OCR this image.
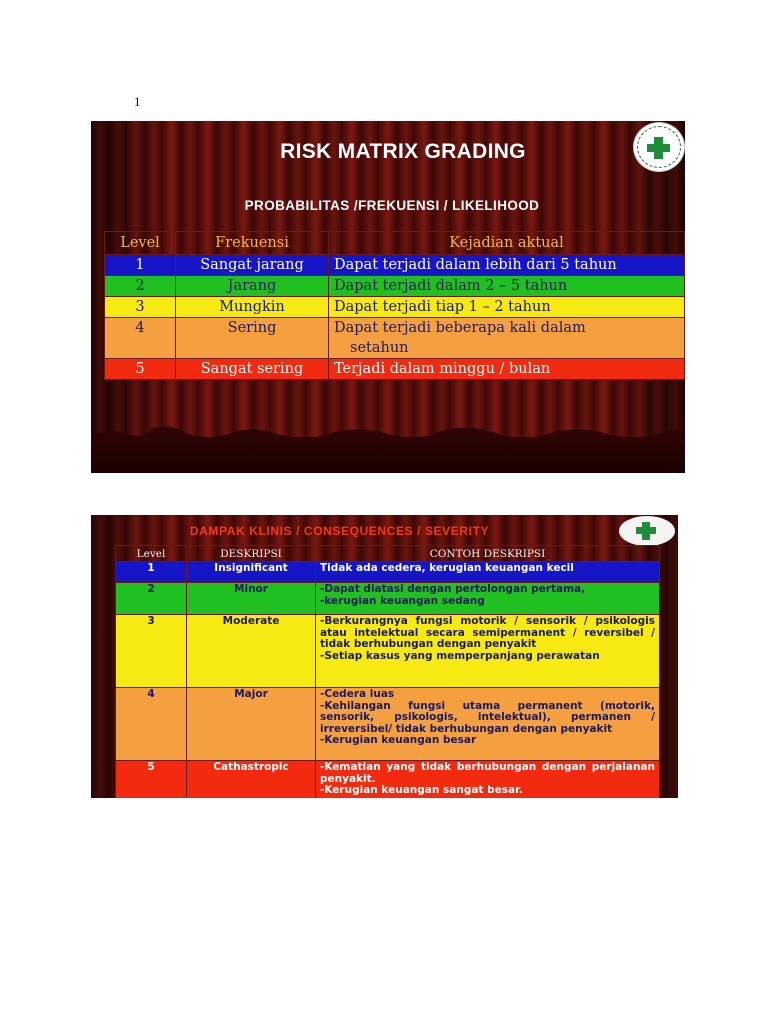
1
RISK MATRIX GRADING
PROBABILITAS /FREKUENSI / LIKELIHOOD
Level	Frekuensi	Kejadian aktual
1	Sangat jarang	Dapat terjadi dalam lebih dari 5 tahun
2	Jarang	Dapat terjadi dalam 2 – 5 tahun
3	Mungkin	Dapat terjadi tiap 1 – 2 tahun
4	Sering	Dapat terjadi beberapa kali dalam
setahun
5	Sangat sering	Terjadi dalam minggu / bulan
DAMPAK KLINIS / CONSEQUENCES / SEVERITY
Level	DESKRIPSI	CONTOH DESKRIPSI
1	Insignificant	Tidak ada cedera, kerugian keuangan kecil

2	Minor	-Dapat diatasi dengan pertolongan pertama,
-kerugian keuangan sedang

3	Moderate	-Berkurangnya fungsi motorik / sensorik / psikologis atau intelektual secara semipermanent / reversibel / tidak berhubungan dengan penyakit
-Setiap kasus yang memperpanjang perawatan

4	Major	-Cedera luas
-Kehilangan fungsi utama permanent (motorik, sensorik, psikologis, intelektual), permanen / irreversibel/ tidak berhubungan dengan penyakit
-Kerugian keuangan besar

5	Cathastropic	-Kematian yang tidak berhubungan dengan perjalanan penyakit.
-Kerugian keuangan sangat besar.
